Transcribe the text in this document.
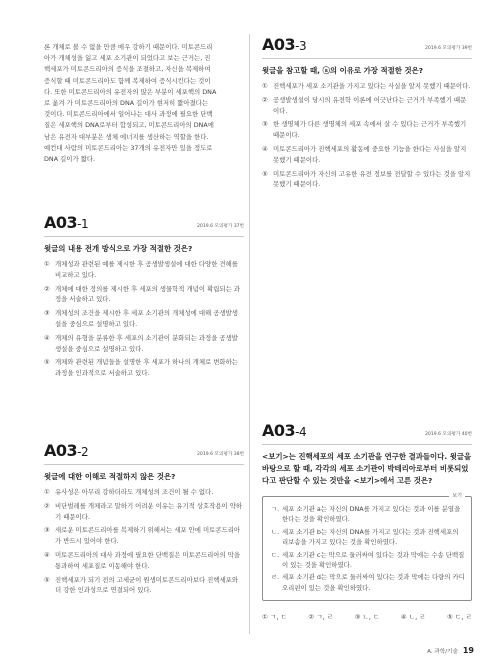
론 개체로 볼 수 없을 만큼 매우 강하기 때문이다. 미토콘드리
아가 개체성을 잃고 세포 소기관이 되었다고 보는 근거는, 진
핵세포가 미토콘드리아의 증식을 조절하고, 자신을 복제하여
증식할 때 미토콘드리아도 함께 복제하여 증식시킨다는 것이
다. 또한 미토콘드리아의 유전자의 많은 부분이 세포핵의 DNA
로 옮겨 가 미토콘드리아의 DNA 길이가 현저히 짧아졌다는
것이다. 미토콘드리아에서 일어나는 대사 과정에 필요한 단백
질은 세포핵의 DNA로부터 합성되고, 미토콘드리아의 DNA에
남은 유전자 대부분은 생체 에너지를 생산하는 역할을 한다.
예컨대 사람의 미토콘드리아는 37개의 유전자만 있을 정도로
DNA 길이가 짧다.
A03-1	2019.6 모의평가 37번
윗글의 내용 전개 방식으로 가장 적절한 것은?
① 개체성과 관련된 예를 제시한 후 공생발생설에 대한 다양한 견해를 비교하고 있다.
② 개체에 대한 정의를 제시한 후 세포의 생물학적 개념이 확립되는 과정을 서술하고 있다.
③ 개체성의 조건을 제시한 후 세포 소기관의 개체성에 대해 공생발생설을 중심으로 설명하고 있다.
④ 개체의 유형을 분류한 후 세포의 소기관이 분화되는 과정을 공생발생설을 중심으로 설명하고 있다.
⑤ 개체와 관련된 개념들을 설명한 후 세포가 하나의 개체로 변화하는 과정을 인과적으로 서술하고 있다.
A03-2	2019.6 모의평가 38번
윗글에 대한 이해로 적절하지 않은 것은?
① 유사성은 아무리 강하더라도 개체성의 조건이 될 수 없다.
② 비단벌레를 개체라고 말하기 어려운 이유는 유기적 상호작용이 약하기 때문이다.
③ 새로운 미토콘드리아를 복제하기 위해서는 세포 안에 미토콘드리아가 반드시 있어야 한다.
④ 미토콘드리아의 대사 과정에 필요한 단백질은 미토콘드리아의 막을 통과하여 세포질로 이동해야 한다.
⑤ 진핵세포가 되기 전의 고세균이 원생미토콘드리아보다 진핵세포와 더 강한 인과성으로 연결되어 있다.
A03-3	2019.6 모의평가 39번
윗글을 참고할 때, ⓐ의 이유로 가장 적절한 것은?
① 진핵세포가 세포 소기관을 가지고 있다는 사실을 알지 못했기 때문이다.
② 공생발생설이 당시의 유전학 이론에 어긋난다는 근거가 부족했기 때문이다.
③ 한 생명체가 다른 생명체의 세포 속에서 살 수 있다는 근거가 부족했기 때문이다.
④ 미토콘드리아가 진핵세포의 활동에 중요한 기능을 한다는 사실을 알지 못했기 때문이다.
⑤ 미토콘드리아가 자신의 고유한 유전 정보를 전달할 수 있다는 것을 알지 못했기 때문이다.
A03-4	2019.6 모의평가 40번
<보기>는 진핵세포의 세포 소기관을 연구한 결과들이다. 윗글을 바탕으로 할 때, 각각의 세포 소기관이 박테리아로부터 비롯되었다고 판단할 수 있는 것만을 <보기>에서 고른 것은?
보기
ㄱ. 세포 소기관 a는 자신의 DNA를 가지고 있다는 것과 이를 분열을 한다는 것을 확인하였다.
ㄴ. 세포 소기관 b는 자신의 DNA를 가지고 있다는 것과 진핵세포의 리보솜을 가지고 있다는 것을 확인하였다.
ㄷ. 세포 소기관 c는 막으로 둘러싸여 있다는 것과 막에는 수송 단백질이 있는 것을 확인하였다.
ㄹ. 세포 소기관 d는 막으로 둘러싸여 있다는 것과 막에는 다량의 카디오리핀이 있는 것을 확인하였다.
① ㄱ, ㄷ	② ㄱ, ㄹ	③ ㄴ, ㄷ	④ ㄴ, ㄹ	⑤ ㄷ, ㄹ
A. 과학/기술 19
